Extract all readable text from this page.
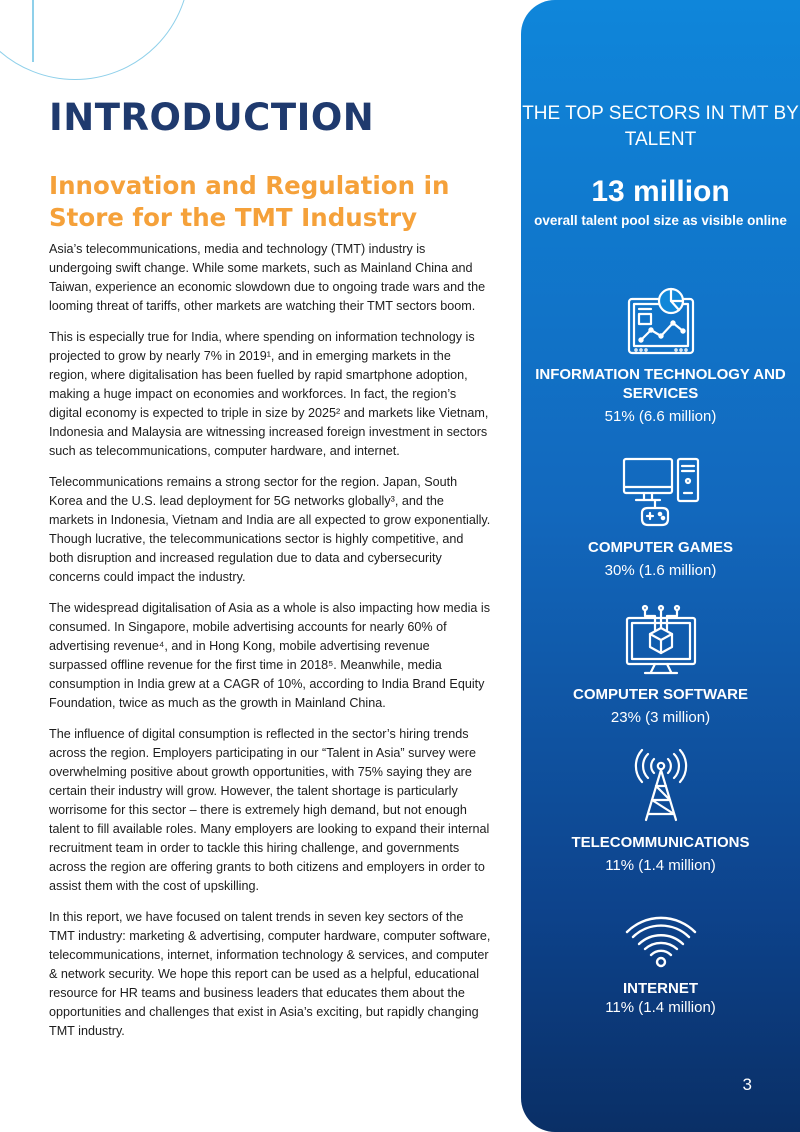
INTRODUCTION
Innovation and Regulation in Store for the TMT Industry

Asia’s telecommunications, media and technology (TMT) industry is undergoing swift change. While some markets, such as Mainland China and Taiwan, experience an economic slowdown due to ongoing trade wars and the looming threat of tariffs, other markets are watching their TMT sectors boom.

This is especially true for India, where spending on information technology is projected to grow by nearly 7% in 2019¹, and in emerging markets in the region, where digitalisation has been fuelled by rapid smartphone adoption, making a huge impact on economies and workforces. In fact, the region’s digital economy is expected to triple in size by 2025² and markets like Vietnam, Indonesia and Malaysia are witnessing increased foreign investment in sectors such as telecommunications, computer hardware, and internet.

Telecommunications remains a strong sector for the region. Japan, South Korea and the U.S. lead deployment for 5G networks globally³, and the markets in Indonesia, Vietnam and India are all expected to grow exponentially. Though lucrative, the telecommunications sector is highly competitive, and both disruption and increased regulation due to data and cybersecurity concerns could impact the industry.

The widespread digitalisation of Asia as a whole is also impacting how media is consumed. In Singapore, mobile advertising accounts for nearly 60% of advertising revenue⁴, and in Hong Kong, mobile advertising revenue surpassed offline revenue for the first time in 2018⁵. Meanwhile, media consumption in India grew at a CAGR of 10%, according to India Brand Equity Foundation, twice as much as the growth in Mainland China.

The influence of digital consumption is reflected in the sector’s hiring trends across the region. Employers participating in our “Talent in Asia” survey were overwhelming positive about growth opportunities, with 75% saying they are certain their industry will grow. However, the talent shortage is particularly worrisome for this sector – there is extremely high demand, but not enough talent to fill available roles. Many employers are looking to expand their internal recruitment team in order to tackle this hiring challenge, and governments across the region are offering grants to both citizens and employers in order to assist them with the cost of upskilling.

In this report, we have focused on talent trends in seven key sectors of the TMT industry: marketing & advertising, computer hardware, computer software, telecommunications, internet, information technology & services, and computer & network security. We hope this report can be used as a helpful, educational resource for HR teams and business leaders that educates them about the opportunities and challenges that exist in Asia’s exciting, but rapidly changing TMT industry.

THE TOP SECTORS IN TMT BY TALENT
13 million
overall talent pool size as visible online
INFORMATION TECHNOLOGY AND SERVICES
51% (6.6 million)
COMPUTER GAMES
30% (1.6 million)
COMPUTER SOFTWARE
23% (3 million)
TELECOMMUNICATIONS
11% (1.4 million)
INTERNET
11% (1.4 million)
3
